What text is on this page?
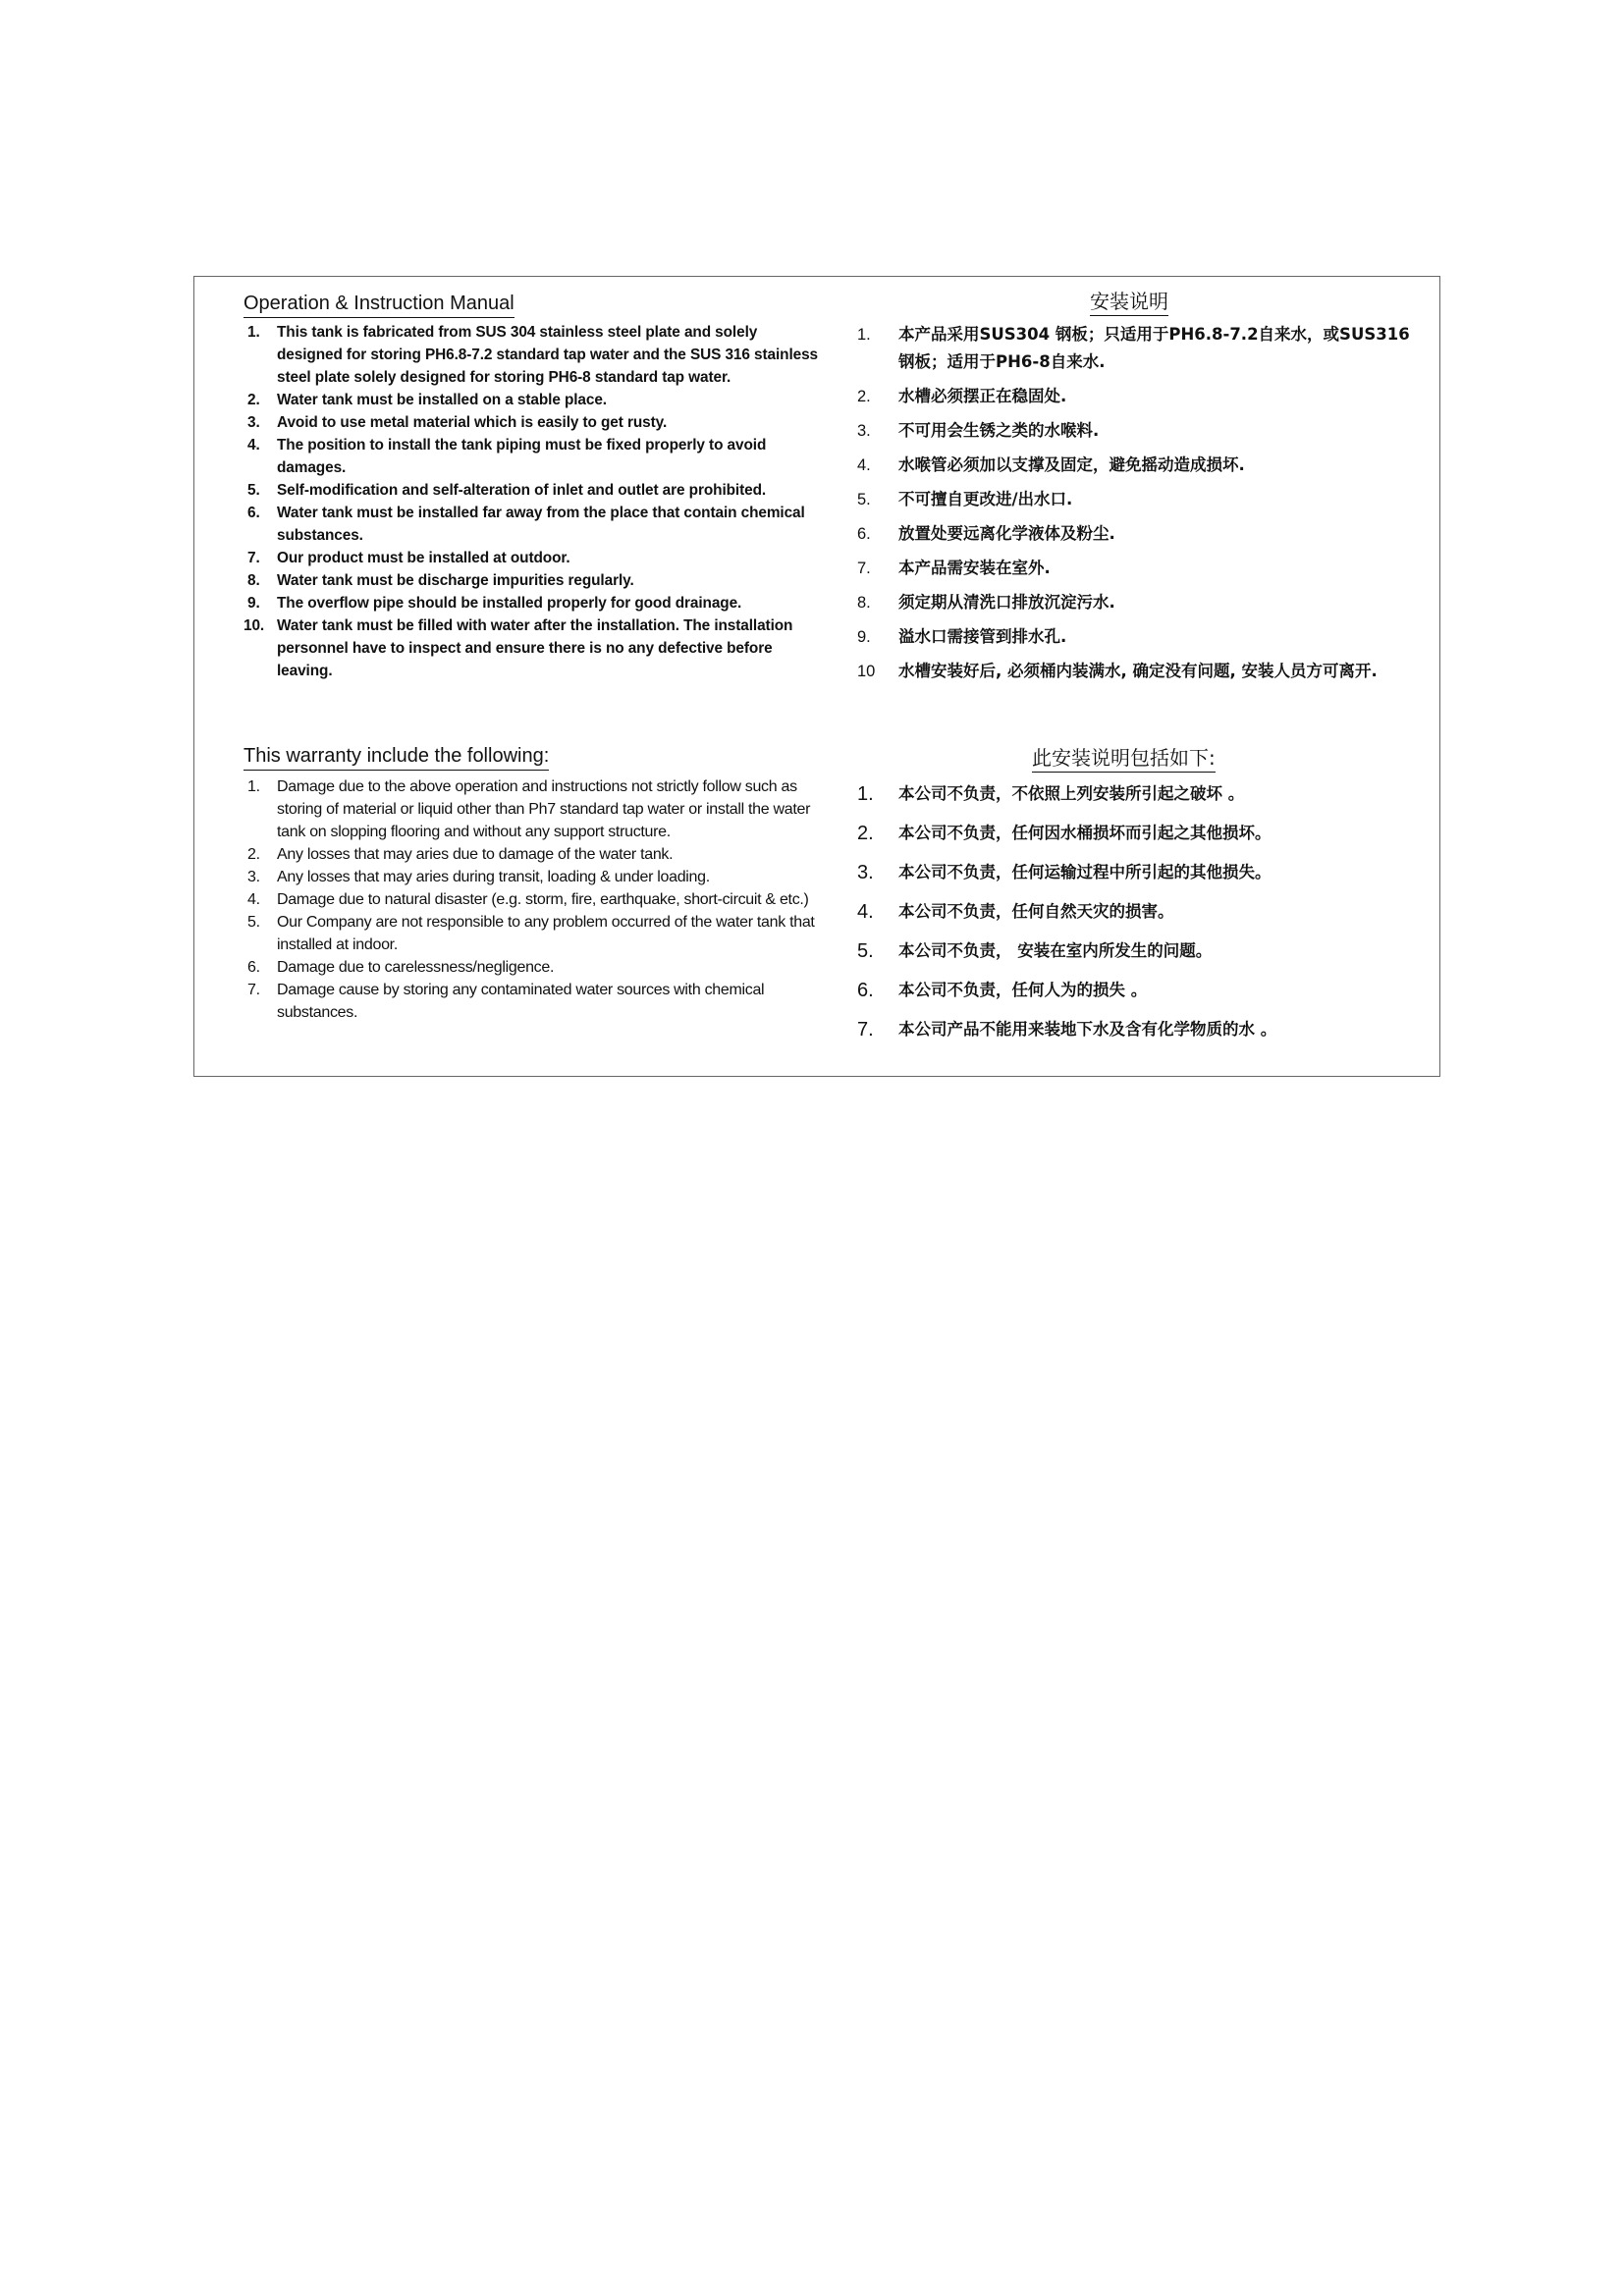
Operation & Instruction Manual
1. This tank is fabricated from SUS 304 stainless steel plate and solely designed for storing PH6.8-7.2 standard tap water and the SUS 316 stainless steel plate solely designed for storing PH6-8 standard tap water.
2. Water tank must be installed on a stable place.
3. Avoid to use metal material which is easily to get rusty.
4. The position to install the tank piping must be fixed properly to avoid damages.
5. Self-modification and self-alteration of inlet and outlet are prohibited.
6. Water tank must be installed far away from the place that contain chemical substances.
7. Our product must be installed at outdoor.
8. Water tank must be discharge impurities regularly.
9. The overflow pipe should be installed properly for good drainage.
10. Water tank must be filled with water after the installation. The installation personnel have to inspect and ensure there is no any defective before leaving.
This warranty include the following:
1. Damage due to the above operation and instructions not strictly follow such as storing of material or liquid other than Ph7 standard tap water or install the water tank on slopping flooring and without any support structure.
2. Any losses that may aries due to damage of the water tank.
3. Any losses that may aries during transit, loading & under loading.
4. Damage due to natural disaster (e.g. storm, fire, earthquake, short-circuit & etc.)
5. Our Company are not responsible to any problem occurred of the water tank that installed at indoor.
6. Damage due to carelessness/negligence.
7. Damage cause by storing any contaminated water sources with chemical substances.
安装说明
1. 本产品采用SUS304 钢板；只适用于PH6.8-7.2自来水，或SUS316钢板；适用于PH6-8自来水.
2. 水槽必须摆正在稳固处.
3. 不可用会生锈之类的水喉料.
4. 水喉管必须加以支撑及固定，避免摇动造成损坏.
5. 不可擅自更改进/出水口.
6. 放置处要远离化学液体及粉尘.
7. 本产品需安装在室外.
8. 须定期从清洗口排放沉淀污水.
9. 溢水口需接管到排水孔.
10 水槽安装好后, 必须桶内装满水, 确定没有问题, 安装人员方可离开.
此安装说明包括如下:
1. 本公司不负责，不依照上列安装所引起之破坏 。
2. 本公司不负责，任何因水桶损坏而引起之其他损坏。
3. 本公司不负责，任何运输过程中所引起的其他损失。
4. 本公司不负责，任何自然天灾的损害。
5. 本公司不负责， 安装在室内所发生的问题。
6. 本公司不负责，任何人为的损失 。
7. 本公司产品不能用来装地下水及含有化学物质的水 。
